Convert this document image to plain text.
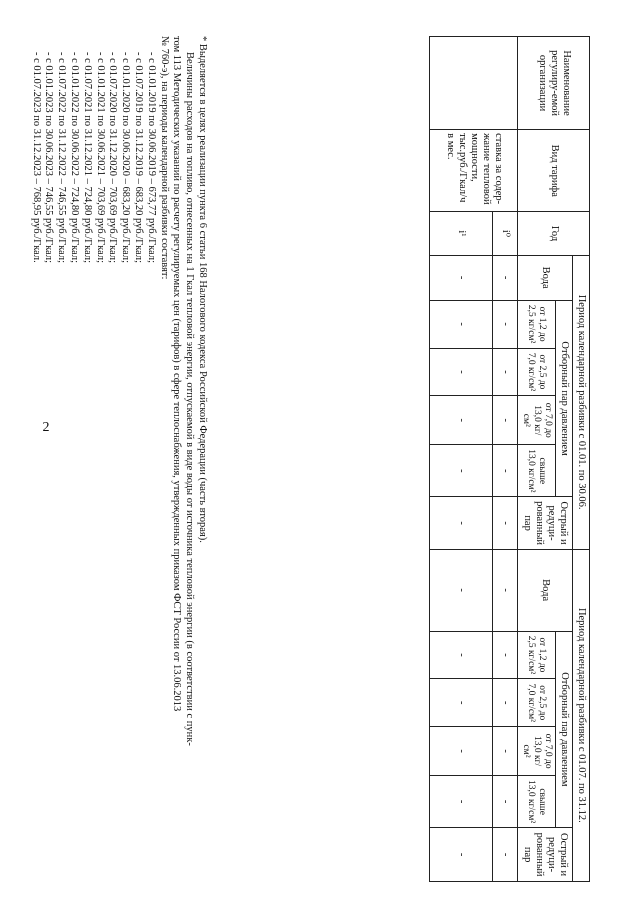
2
Наименование регулиру-емой организации	Вид тарифа	Год	Период календарной разбивки с 01.01. по 30.06.						Период календарной разбивки с 01.07. по 31.12.					
			Вода	Отборный пар давлением				Острый и редуци-рованный пар	Вода	Отборный пар давлением				Острый и редуци-рованный пар
				от 1,2 до 2,5 кг/см²	от 2,5 до 7,0 кг/см²	от 7,0 до 13,0 кг/см²	свыше 13,0 кг/см²			от 1,2 до 2,5 кг/см²	от 2,5 до 7,0 кг/см²	от 7,0 до 13,0 кг/см²	свыше 13,0 кг/см²	
	ставка за содер-жание тепловой мощности, тыс.руб./Гкал/ч в мес.	i⁰	-	-	-	-	-	-	-	-	-	-	-	-
		i¹	-	-	-	-	-	-	-	-	-	-	-	-

* Выделяется в целях реализации пункта 6 статьи 168 Налогового кодекса Российской Федерации (часть вторая).

Величины расходов на топливо, отнесенных на 1 Гкал тепловой энергии, отпускаемой в виде воды от источника тепловой энергии (в соответствии с пунк-

том 113 Методических указаний по расчету регулируемых цен (тарифов) в сфере теплоснабжения, утвержденных приказом ФСТ России от 13.06.2013

№ 760-э), на периоды календарной разбивки составят:

- с 01.01.2019 по 30.06.2019 – 673,77 руб./Гкал;

- с 01.07.2019 по 31.12.2019 – 683,20 руб./Гкал;

- с 01.01.2020 по 30.06.2020 – 683,20 руб./Гкал;

- с 01.07.2020 по 31.12.2020 – 703,69 руб./Гкал;

- с 01.01.2021 по 30.06.2021 – 703,69 руб./Гкал;

- с 01.07.2021 по 31.12.2021 – 724,80 руб./Гкал;

- с 01.01.2022 по 30.06.2022 – 724,80 руб./Гкал;

- с 01.07.2022 по 31.12.2022 – 746,55 руб./Гкал;

- с 01.01.2023 по 30.06.2023 – 746,55 руб./Гкал;

- с 01.07.2023 по 31.12.2023 – 768,95 руб./Гкал.
